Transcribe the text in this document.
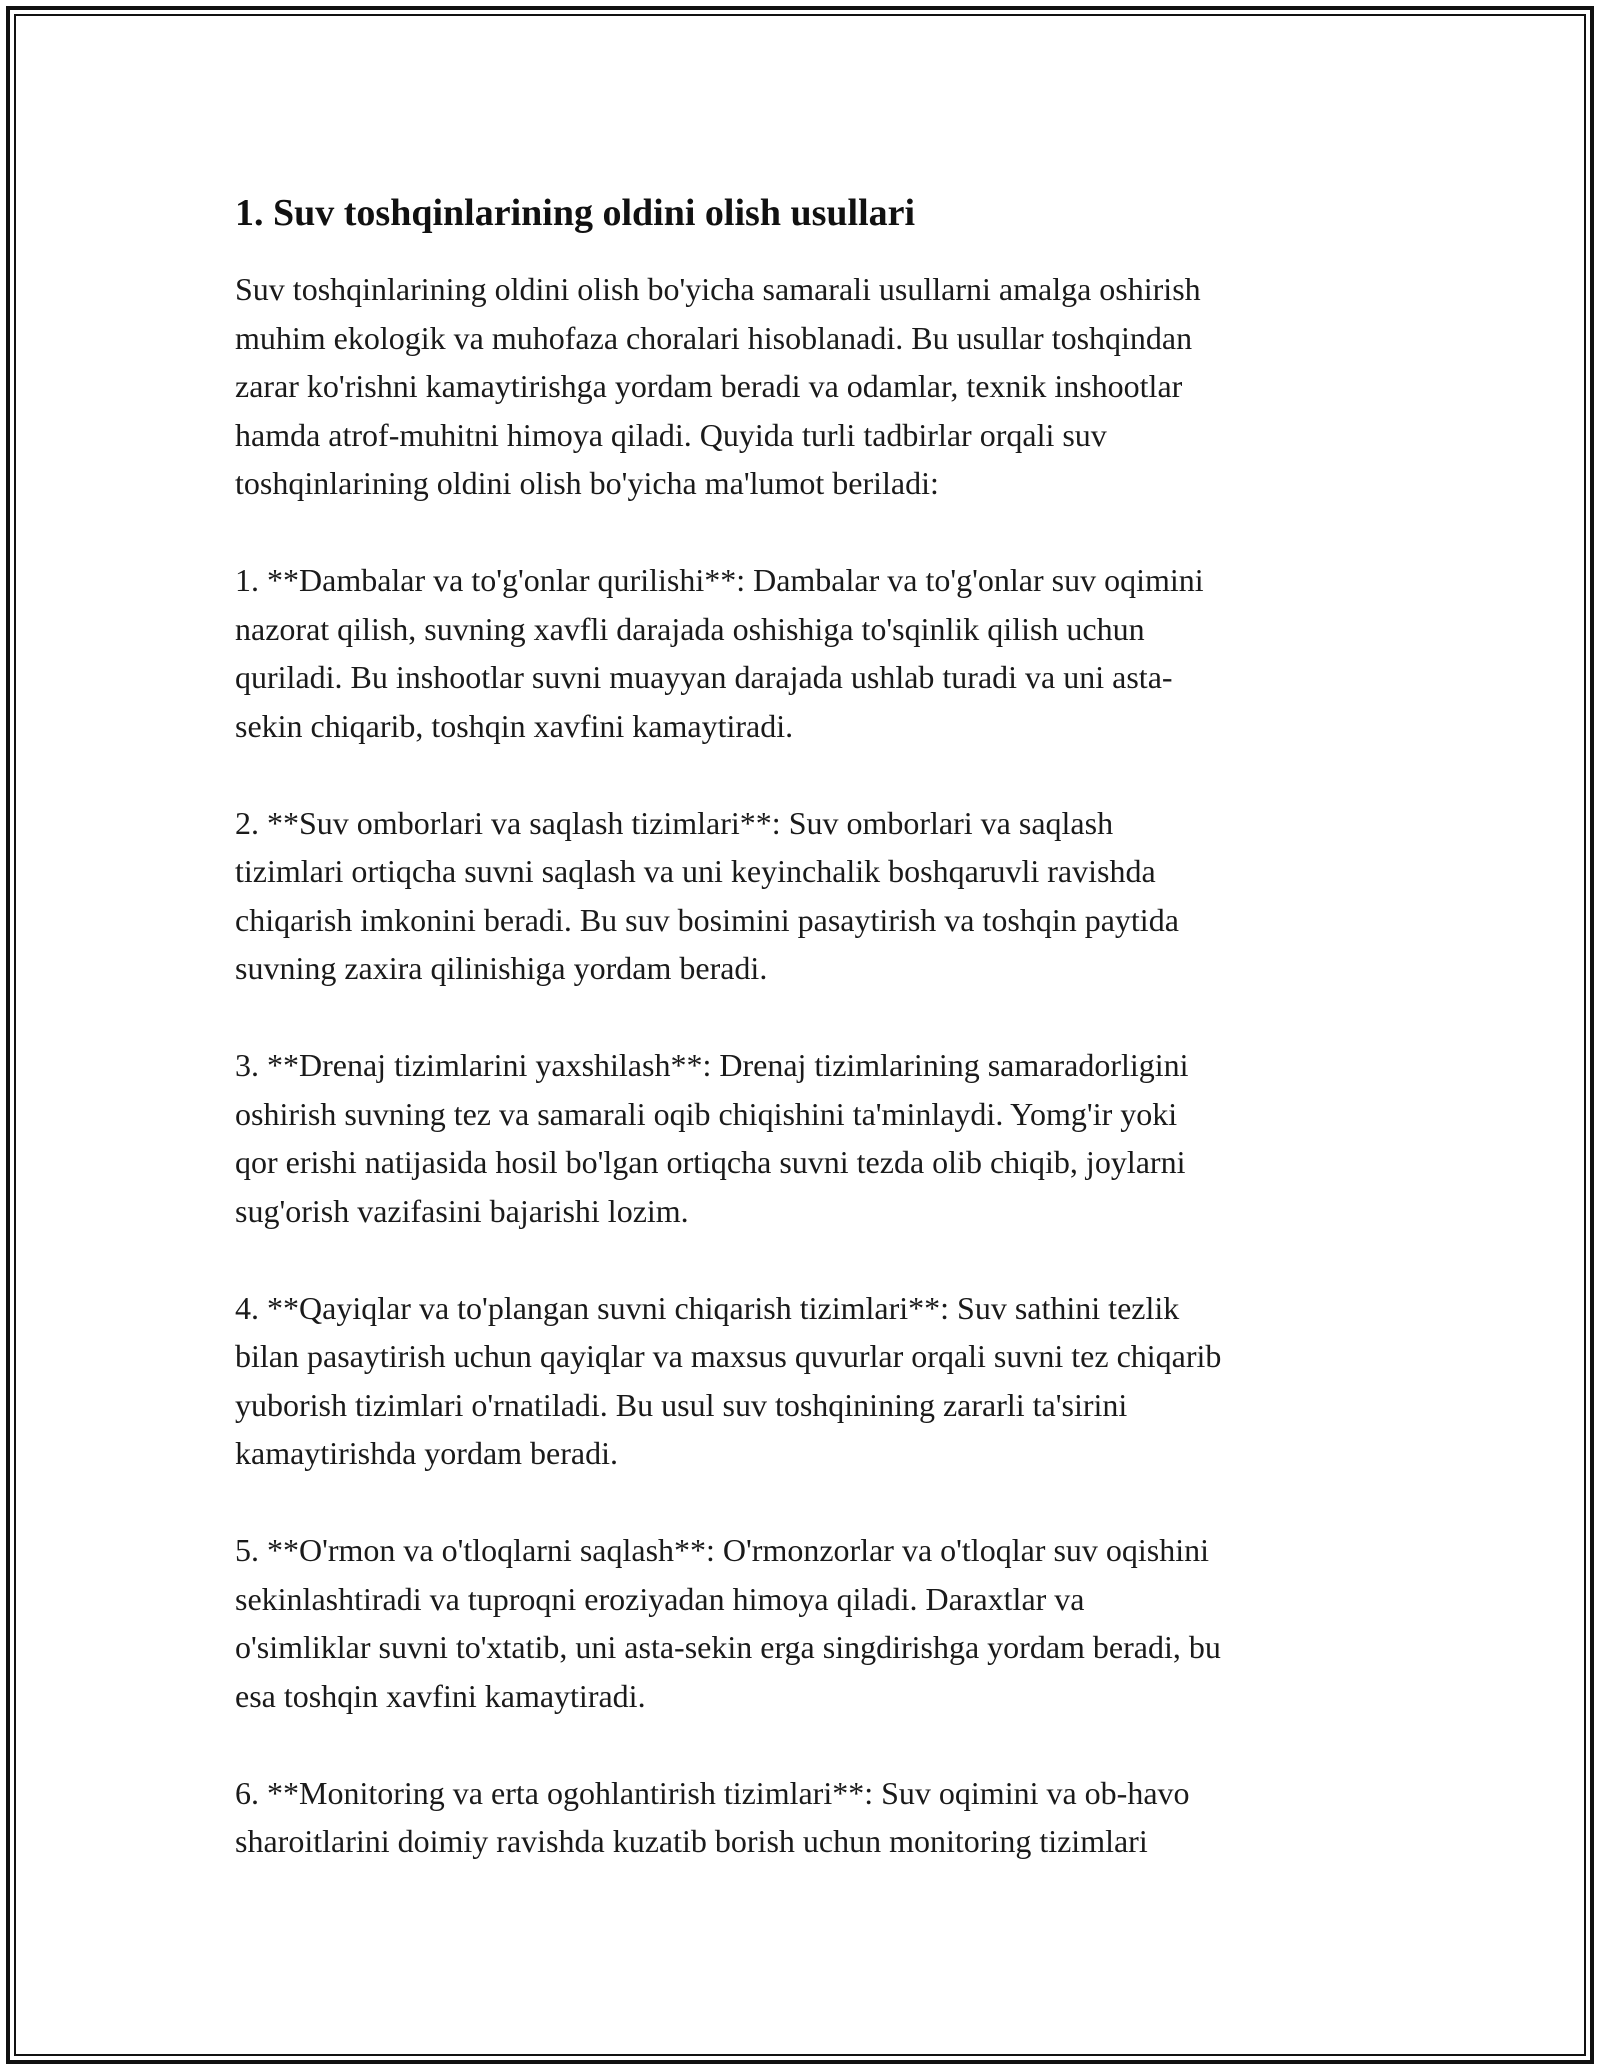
1. Suv toshqinlarining oldini olish usullari

Suv toshqinlarining oldini olish bo'yicha samarali usullarni amalga oshirish
muhim ekologik va muhofaza choralari hisoblanadi. Bu usullar toshqindan
zarar ko'rishni kamaytirishga yordam beradi va odamlar, texnik inshootlar
hamda atrof-muhitni himoya qiladi. Quyida turli tadbirlar orqali suv
toshqinlarining oldini olish bo'yicha ma'lumot beriladi:

1. **Dambalar va to'g'onlar qurilishi**: Dambalar va to'g'onlar suv oqimini
nazorat qilish, suvning xavfli darajada oshishiga to'sqinlik qilish uchun
quriladi. Bu inshootlar suvni muayyan darajada ushlab turadi va uni asta-
sekin chiqarib, toshqin xavfini kamaytiradi.

2. **Suv omborlari va saqlash tizimlari**: Suv omborlari va saqlash
tizimlari ortiqcha suvni saqlash va uni keyinchalik boshqaruvli ravishda
chiqarish imkonini beradi. Bu suv bosimini pasaytirish va toshqin paytida
suvning zaxira qilinishiga yordam beradi.

3. **Drenaj tizimlarini yaxshilash**: Drenaj tizimlarining samaradorligini
oshirish suvning tez va samarali oqib chiqishini ta'minlaydi. Yomg'ir yoki
qor erishi natijasida hosil bo'lgan ortiqcha suvni tezda olib chiqib, joylarni
sug'orish vazifasini bajarishi lozim.

4. **Qayiqlar va to'plangan suvni chiqarish tizimlari**: Suv sathini tezlik
bilan pasaytirish uchun qayiqlar va maxsus quvurlar orqali suvni tez chiqarib
yuborish tizimlari o'rnatiladi. Bu usul suv toshqinining zararli ta'sirini
kamaytirishda yordam beradi.

5. **O'rmon va o'tloqlarni saqlash**: O'rmonzorlar va o'tloqlar suv oqishini
sekinlashtiradi va tuproqni eroziyadan himoya qiladi. Daraxtlar va
o'simliklar suvni to'xtatib, uni asta-sekin erga singdirishga yordam beradi, bu
esa toshqin xavfini kamaytiradi.

6. **Monitoring va erta ogohlantirish tizimlari**: Suv oqimini va ob-havo
sharoitlarini doimiy ravishda kuzatib borish uchun monitoring tizimlari
